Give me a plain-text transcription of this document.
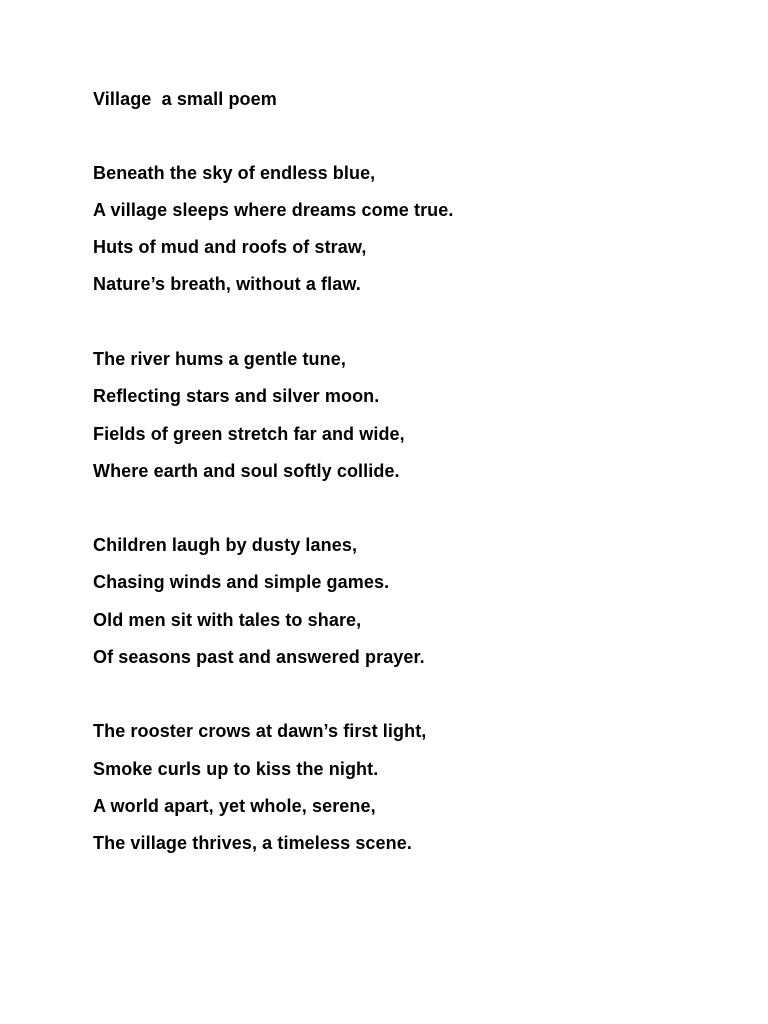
Village  a small poem
Beneath the sky of endless blue,
A village sleeps where dreams come true.
Huts of mud and roofs of straw,
Nature’s breath, without a flaw.
The river hums a gentle tune,
Reflecting stars and silver moon.
Fields of green stretch far and wide,
Where earth and soul softly collide.
Children laugh by dusty lanes,
Chasing winds and simple games.
Old men sit with tales to share,
Of seasons past and answered prayer.
The rooster crows at dawn’s first light,
Smoke curls up to kiss the night.
A world apart, yet whole, serene,
The village thrives, a timeless scene.
